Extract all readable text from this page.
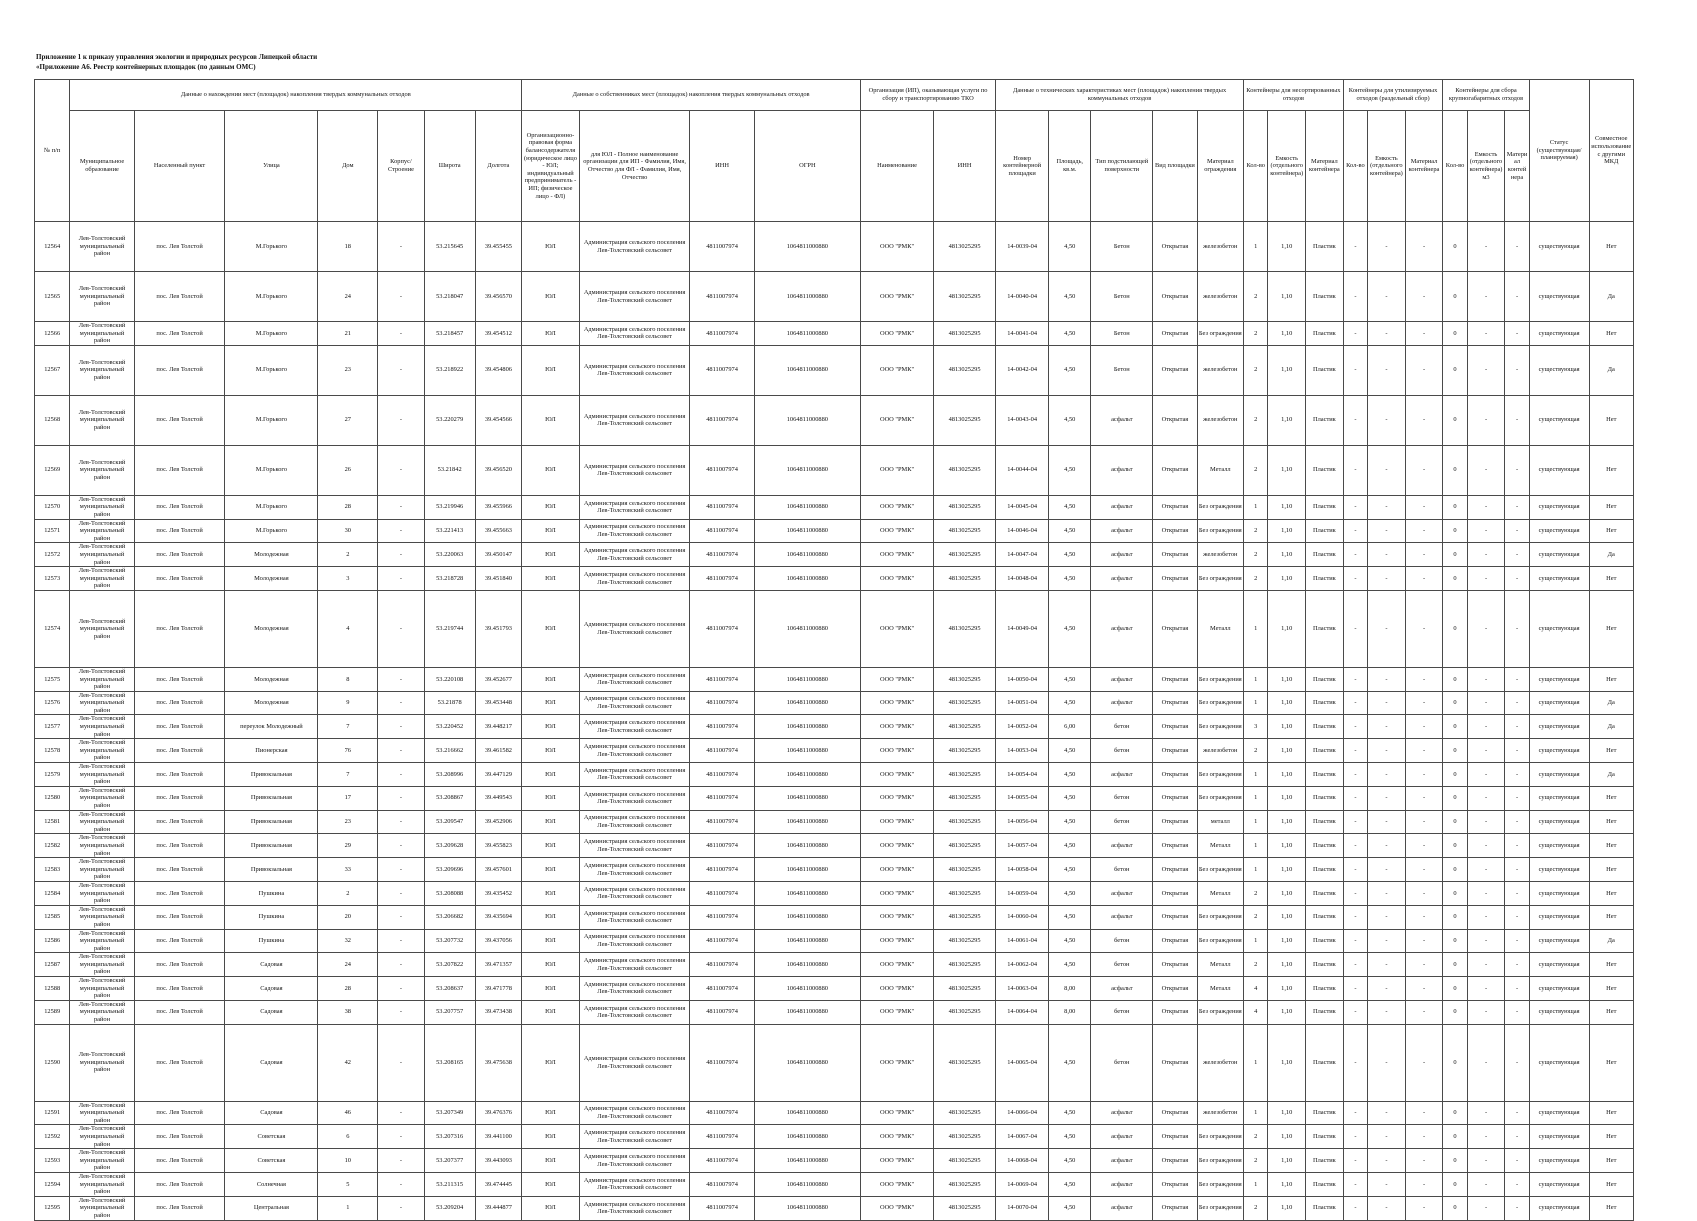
Приложение 1 к приказу управления экологии и природных ресурсов Липецкой области
«Приложение А6. Реестр контейнерных площадок (по данным ОМС)
№ п/п	Данные о нахождении мест (площадок) накопления твердых коммунальных отходов							Данные о собственниках мест (площадок) накопления твердых коммунальных отходов				Организация (ИП), оказывающая услуги по сбору и транспортированию ТКО		Данные о технических характеристиках мест (площадок) накопления твердых коммунальных отходов					Контейнеры для несортированных отходов			Контейнеры для утилизируемых отходов (раздельный сбор)			Контейнеры для сбора крупногабаритных отходов			Статус (существующая/планируемая)	Совместное использование с другими МКД
	Муниципальное образование	Населенный пункт	Улица	Дом	Корпус/Строение	Широта	Долгота	Организационно-правовая форма балансодержателя (юридическое лицо - ЮЛ; индивидуальный предприниматель - ИП; физическое лицо - ФЛ)	для ЮЛ - Полное наименование организации для ИП - Фамилия, Имя, Отчество для ФЛ - Фамилия, Имя, Отчество	ИНН	ОГРН	Наименование	ИНН	Номер контейнерной площадки	Площадь, кв.м.	Тип подстилающей поверхности	Вид площадки	Материал ограждения	Кол-во	Емкость (отдельного контейнера)	Материал контейнера	Кол-во	Емкость (отдельного контейнера)	Материал контейнера	Кол-во	Емкость (отдельного контейнера) м3	Материал контейнера		
12564	Лев-Толстовский муниципальный район	пос. Лев Толстой	М.Горького	18	-	53.215645	39.455455	ЮЛ	Администрация сельского поселения Лев-Толстовский сельсовет	4811007974	1064811000880	ООО "РМК"	4813025295	14-0039-04	4,50	Бетон	Открытая	железобетон	1	1,10	Пластик	-	-	-	0	-	-	существующая	Нет
12565	Лев-Толстовский муниципальный район	пос. Лев Толстой	М.Горького	24	-	53.218047	39.456570	ЮЛ	Администрация сельского поселения Лев-Толстовский сельсовет	4811007974	1064811000880	ООО "РМК"	4813025295	14-0040-04	4,50	Бетон	Открытая	железобетон	2	1,10	Пластик	-	-	-	0	-	-	существующая	Да
12566	Лев-Толстовский муниципальный район	пос. Лев Толстой	М.Горького	21	-	53.218457	39.454512	ЮЛ	Администрация сельского поселения Лев-Толстовский сельсовет	4811007974	1064811000880	ООО "РМК"	4813025295	14-0041-04	4,50	Бетон	Открытая	Без ограждения	2	1,10	Пластик	-	-	-	0	-	-	существующая	Нет
12567	Лев-Толстовский муниципальный район	пос. Лев Толстой	М.Горького	23	-	53.218922	39.454806	ЮЛ	Администрация сельского поселения Лев-Толстовский сельсовет	4811007974	1064811000880	ООО "РМК"	4813025295	14-0042-04	4,50	Бетон	Открытая	железобетон	2	1,10	Пластик	-	-	-	0	-	-	существующая	Да
12568	Лев-Толстовский муниципальный район	пос. Лев Толстой	М.Горького	27	-	53.220279	39.454566	ЮЛ	Администрация сельского поселения Лев-Толстовский сельсовет	4811007974	1064811000880	ООО "РМК"	4813025295	14-0043-04	4,50	асфальт	Открытая	железобетон	2	1,10	Пластик	-	-	-	0	-	-	существующая	Нет
12569	Лев-Толстовский муниципальный район	пос. Лев Толстой	М.Горького	26	-	53.21842	39.456520	ЮЛ	Администрация сельского поселения Лев-Толстовский сельсовет	4811007974	1064811000880	ООО "РМК"	4813025295	14-0044-04	4,50	асфальт	Открытая	Металл	2	1,10	Пластик	-	-	-	0	-	-	существующая	Нет
12570	Лев-Толстовский муниципальный район	пос. Лев Толстой	М.Горького	28	-	53.219946	39.455966	ЮЛ	Администрация сельского поселения Лев-Толстовский сельсовет	4811007974	1064811000880	ООО "РМК"	4813025295	14-0045-04	4,50	асфальт	Открытая	Без ограждения	1	1,10	Пластик	-	-	-	0	-	-	существующая	Нет
12571	Лев-Толстовский муниципальный район	пос. Лев Толстой	М.Горького	30	-	53.221413	39.455663	ЮЛ	Администрация сельского поселения Лев-Толстовский сельсовет	4811007974	1064811000880	ООО "РМК"	4813025295	14-0046-04	4,50	асфальт	Открытая	Без ограждения	2	1,10	Пластик	-	-	-	0	-	-	существующая	Нет
12572	Лев-Толстовский муниципальный район	пос. Лев Толстой	Молодежная	2	-	53.220063	39.450147	ЮЛ	Администрация сельского поселения Лев-Толстовский сельсовет	4811007974	1064811000880	ООО "РМК"	4813025295	14-0047-04	4,50	асфальт	Открытая	железобетон	2	1,10	Пластик	-	-	-	0	-	-	существующая	Да
12573	Лев-Толстовский муниципальный район	пос. Лев Толстой	Молодежная	3	-	53.218728	39.451840	ЮЛ	Администрация сельского поселения Лев-Толстовский сельсовет	4811007974	1064811000880	ООО "РМК"	4813025295	14-0048-04	4,50	асфальт	Открытая	Без ограждения	2	1,10	Пластик	-	-	-	0	-	-	существующая	Нет
12574	Лев-Толстовский муниципальный район	пос. Лев Толстой	Молодежная	4	-	53.219744	39.451793	ЮЛ	Администрация сельского поселения Лев-Толстовский сельсовет	4811007974	1064811000880	ООО "РМК"	4813025295	14-0049-04	4,50	асфальт	Открытая	Металл	1	1,10	Пластик	-	-	-	0	-	-	существующая	Нет
12575	Лев-Толстовский муниципальный район	пос. Лев Толстой	Молодежная	8	-	53.220108	39.452677	ЮЛ	Администрация сельского поселения Лев-Толстовский сельсовет	4811007974	1064811000880	ООО "РМК"	4813025295	14-0050-04	4,50	асфальт	Открытая	Без ограждения	1	1,10	Пластик	-	-	-	0	-	-	существующая	Нет
12576	Лев-Толстовский муниципальный район	пос. Лев Толстой	Молодежная	9	-	53.21878	39.453448	ЮЛ	Администрация сельского поселения Лев-Толстовский сельсовет	4811007974	1064811000880	ООО "РМК"	4813025295	14-0051-04	4,50	асфальт	Открытая	Без ограждения	1	1,10	Пластик	-	-	-	0	-	-	существующая	Да
12577	Лев-Толстовский муниципальный район	пос. Лев Толстой	переулок Молодежный	7	-	53.220452	39.448217	ЮЛ	Администрация сельского поселения Лев-Толстовский сельсовет	4811007974	1064811000880	ООО "РМК"	4813025295	14-0052-04	6,00	бетон	Открытая	Без ограждения	3	1,10	Пластик	-	-	-	0	-	-	существующая	Да
12578	Лев-Толстовский муниципальный район	пос. Лев Толстой	Пионерская	76	-	53.216662	39.461582	ЮЛ	Администрация сельского поселения Лев-Толстовский сельсовет	4811007974	1064811000880	ООО "РМК"	4813025295	14-0053-04	4,50	бетон	Открытая	железобетон	2	1,10	Пластик	-	-	-	0	-	-	существующая	Нет
12579	Лев-Толстовский муниципальный район	пос. Лев Толстой	Привокзальная	7	-	53.208996	39.447129	ЮЛ	Администрация сельского поселения Лев-Толстовский сельсовет	4811007974	1064811000880	ООО "РМК"	4813025295	14-0054-04	4,50	асфальт	Открытая	Без ограждения	1	1,10	Пластик	-	-	-	0	-	-	существующая	Да
12580	Лев-Толстовский муниципальный район	пос. Лев Толстой	Привокзальная	17	-	53.208867	39.449543	ЮЛ	Администрация сельского поселения Лев-Толстовский сельсовет	4811007974	1064811000880	ООО "РМК"	4813025295	14-0055-04	4,50	бетон	Открытая	Без ограждения	1	1,10	Пластик	-	-	-	0	-	-	существующая	Нет
12581	Лев-Толстовский муниципальный район	пос. Лев Толстой	Привокзальная	23	-	53.209547	39.452906	ЮЛ	Администрация сельского поселения Лев-Толстовский сельсовет	4811007974	1064811000880	ООО "РМК"	4813025295	14-0056-04	4,50	бетон	Открытая	металл	1	1,10	Пластик	-	-	-	0	-	-	существующая	Нет
12582	Лев-Толстовский муниципальный район	пос. Лев Толстой	Привокзальная	29	-	53.209628	39.455823	ЮЛ	Администрация сельского поселения Лев-Толстовский сельсовет	4811007974	1064811000880	ООО "РМК"	4813025295	14-0057-04	4,50	асфальт	Открытая	Металл	1	1,10	Пластик	-	-	-	0	-	-	существующая	Нет
12583	Лев-Толстовский муниципальный район	пос. Лев Толстой	Привокзальная	33	-	53.209696	39.457601	ЮЛ	Администрация сельского поселения Лев-Толстовский сельсовет	4811007974	1064811000880	ООО "РМК"	4813025295	14-0058-04	4,50	бетон	Открытая	Без ограждения	1	1,10	Пластик	-	-	-	0	-	-	существующая	Нет
12584	Лев-Толстовский муниципальный район	пос. Лев Толстой	Пушкина	2	-	53.208088	39.435452	ЮЛ	Администрация сельского поселения Лев-Толстовский сельсовет	4811007974	1064811000880	ООО "РМК"	4813025295	14-0059-04	4,50	асфальт	Открытая	Металл	2	1,10	Пластик	-	-	-	0	-	-	существующая	Нет
12585	Лев-Толстовский муниципальный район	пос. Лев Толстой	Пушкина	20	-	53.206682	39.435694	ЮЛ	Администрация сельского поселения Лев-Толстовский сельсовет	4811007974	1064811000880	ООО "РМК"	4813025295	14-0060-04	4,50	асфальт	Открытая	Без ограждения	2	1,10	Пластик	-	-	-	0	-	-	существующая	Нет
12586	Лев-Толстовский муниципальный район	пос. Лев Толстой	Пушкина	32	-	53.207732	39.437056	ЮЛ	Администрация сельского поселения Лев-Толстовский сельсовет	4811007974	1064811000880	ООО "РМК"	4813025295	14-0061-04	4,50	бетон	Открытая	Без ограждения	1	1,10	Пластик	-	-	-	0	-	-	существующая	Да
12587	Лев-Толстовский муниципальный район	пос. Лев Толстой	Садовая	24	-	53.207822	39.471357	ЮЛ	Администрация сельского поселения Лев-Толстовский сельсовет	4811007974	1064811000880	ООО "РМК"	4813025295	14-0062-04	4,50	бетон	Открытая	Металл	2	1,10	Пластик	-	-	-	0	-	-	существующая	Нет
12588	Лев-Толстовский муниципальный район	пос. Лев Толстой	Садовая	28	-	53.208637	39.471778	ЮЛ	Администрация сельского поселения Лев-Толстовский сельсовет	4811007974	1064811000880	ООО "РМК"	4813025295	14-0063-04	8,00	асфальт	Открытая	Металл	4	1,10	Пластик	-	-	-	0	-	-	существующая	Нет
12589	Лев-Толстовский муниципальный район	пос. Лев Толстой	Садовая	38	-	53.207757	39.473438	ЮЛ	Администрация сельского поселения Лев-Толстовский сельсовет	4811007974	1064811000880	ООО "РМК"	4813025295	14-0064-04	8,00	бетон	Открытая	Без ограждения	4	1,10	Пластик	-	-	-	0	-	-	существующая	Нет
12590	Лев-Толстовский муниципальный район	пос. Лев Толстой	Садовая	42	-	53.208165	39.475638	ЮЛ	Администрация сельского поселения Лев-Толстовский сельсовет	4811007974	1064811000880	ООО "РМК"	4813025295	14-0065-04	4,50	бетон	Открытая	железобетон	1	1,10	Пластик	-	-	-	0	-	-	существующая	Нет
12591	Лев-Толстовский муниципальный район	пос. Лев Толстой	Садовая	46	-	53.207349	39.476376	ЮЛ	Администрация сельского поселения Лев-Толстовский сельсовет	4811007974	1064811000880	ООО "РМК"	4813025295	14-0066-04	4,50	асфальт	Открытая	железобетон	1	1,10	Пластик	-	-	-	0	-	-	существующая	Нет
12592	Лев-Толстовский муниципальный район	пос. Лев Толстой	Советская	6	-	53.207316	39.441100	ЮЛ	Администрация сельского поселения Лев-Толстовский сельсовет	4811007974	1064811000880	ООО "РМК"	4813025295	14-0067-04	4,50	асфальт	Открытая	Без ограждения	2	1,10	Пластик	-	-	-	0	-	-	существующая	Нет
12593	Лев-Толстовский муниципальный район	пос. Лев Толстой	Советская	10	-	53.207377	39.443093	ЮЛ	Администрация сельского поселения Лев-Толстовский сельсовет	4811007974	1064811000880	ООО "РМК"	4813025295	14-0068-04	4,50	асфальт	Открытая	Без ограждения	2	1,10	Пластик	-	-	-	0	-	-	существующая	Нет
12594	Лев-Толстовский муниципальный район	пос. Лев Толстой	Солнечная	5	-	53.211315	39.474445	ЮЛ	Администрация сельского поселения Лев-Толстовский сельсовет	4811007974	1064811000880	ООО "РМК"	4813025295	14-0069-04	4,50	асфальт	Открытая	Без ограждения	1	1,10	Пластик	-	-	-	0	-	-	существующая	Нет
12595	Лев-Толстовский муниципальный район	пос. Лев Толстой	Центральная	1	-	53.209204	39.444877	ЮЛ	Администрация сельского поселения Лев-Толстовский сельсовет	4811007974	1064811000880	ООО "РМК"	4813025295	14-0070-04	4,50	асфальт	Открытая	Без ограждения	2	1,10	Пластик	-	-	-	0	-	-	существующая	Нет
